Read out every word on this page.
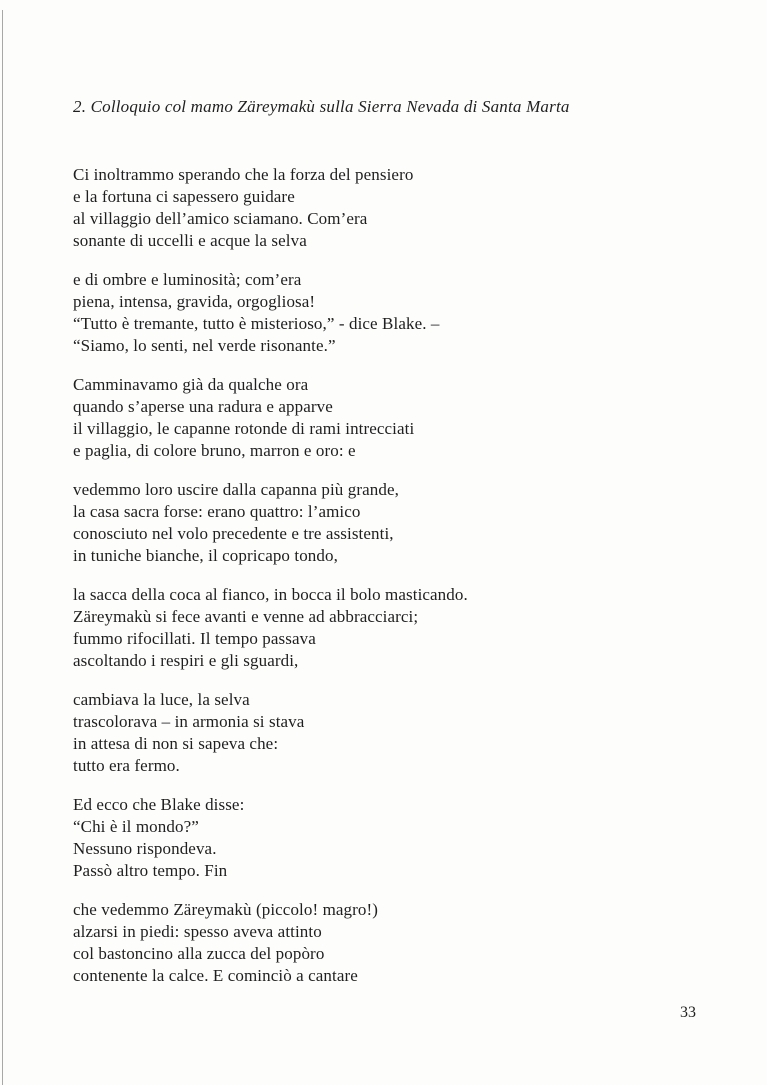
2. Colloquio col mamo Zäreymakù sulla Sierra Nevada di Santa Marta
Ci inoltrammo sperando che la forza del pensiero
e la fortuna ci sapessero guidare
al villaggio dell’amico sciamano. Com’era
sonante di uccelli e acque la selva
e di ombre e luminosità; com’era
piena, intensa, gravida, orgogliosa!
“Tutto è tremante, tutto è misterioso,” - dice Blake. –
“Siamo, lo senti, nel verde risonante.”
Camminavamo già da qualche ora
quando s’aperse una radura e apparve
il villaggio, le capanne rotonde di rami intrecciati
e paglia, di colore bruno, marron e oro: e
vedemmo loro uscire dalla capanna più grande,
la casa sacra forse: erano quattro: l’amico
conosciuto nel volo precedente e tre assistenti,
in tuniche bianche, il copricapo tondo,
la sacca della coca al fianco, in bocca il bolo masticando.
Zäreymakù si fece avanti e venne ad abbracciarci;
fummo rifocillati. Il tempo passava
ascoltando i respiri e gli sguardi,
cambiava la luce, la selva
trascolorava – in armonia si stava
in attesa di non si sapeva che:
tutto era fermo.
Ed ecco che Blake disse:
“Chi è il mondo?”
Nessuno rispondeva.
Passò altro tempo. Fin
che vedemmo Zäreymakù (piccolo! magro!)
alzarsi in piedi: spesso aveva attinto
col bastoncino alla zucca del popòro
contenente la calce. E cominciò a cantare
33
